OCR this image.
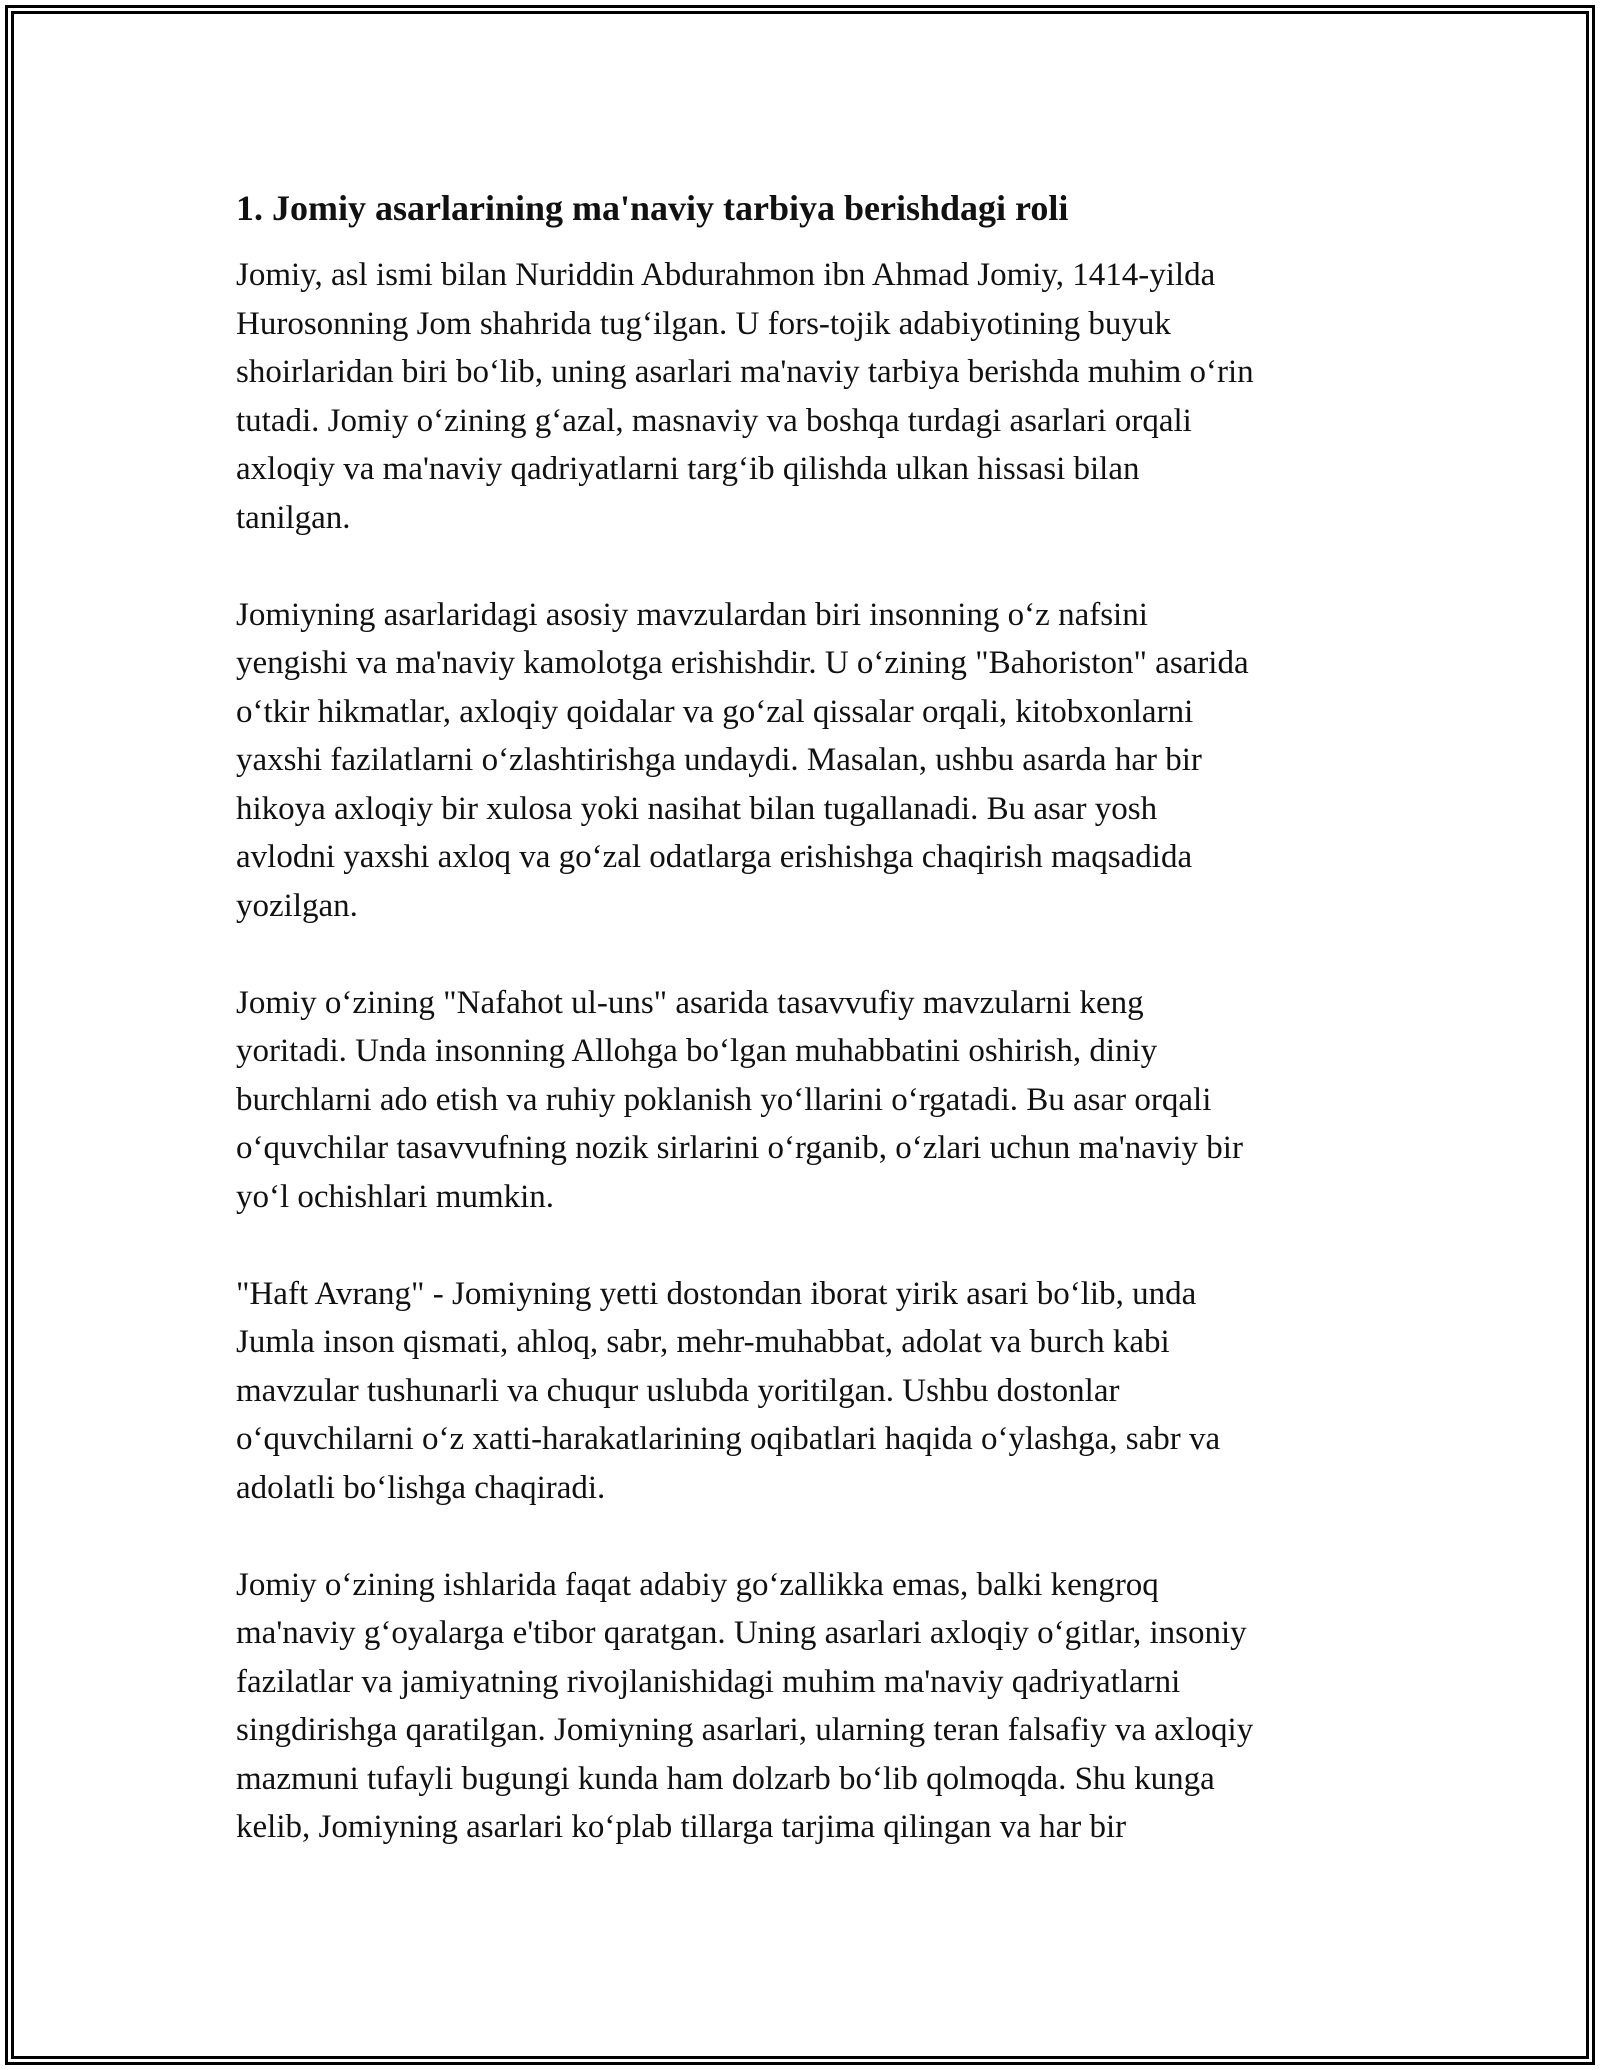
1. Jomiy asarlarining ma'naviy tarbiya berishdagi roli

Jomiy, asl ismi bilan Nuriddin Abdurahmon ibn Ahmad Jomiy, 1414-yilda
Hurosonning Jom shahrida tug‘ilgan. U fors-tojik adabiyotining buyuk
shoirlaridan biri bo‘lib, uning asarlari ma'naviy tarbiya berishda muhim o‘rin
tutadi. Jomiy o‘zining g‘azal, masnaviy va boshqa turdagi asarlari orqali
axloqiy va ma'naviy qadriyatlarni targ‘ib qilishda ulkan hissasi bilan
tanilgan.

Jomiyning asarlaridagi asosiy mavzulardan biri insonning o‘z nafsini
yengishi va ma'naviy kamolotga erishishdir. U o‘zining "Bahoriston" asarida
o‘tkir hikmatlar, axloqiy qoidalar va go‘zal qissalar orqali, kitobxonlarni
yaxshi fazilatlarni o‘zlashtirishga undaydi. Masalan, ushbu asarda har bir
hikoya axloqiy bir xulosa yoki nasihat bilan tugallanadi. Bu asar yosh
avlodni yaxshi axloq va go‘zal odatlarga erishishga chaqirish maqsadida
yozilgan.

Jomiy o‘zining "Nafahot ul-uns" asarida tasavvufiy mavzularni keng
yoritadi. Unda insonning Allohga bo‘lgan muhabbatini oshirish, diniy
burchlarni ado etish va ruhiy poklanish yo‘llarini o‘rgatadi. Bu asar orqali
o‘quvchilar tasavvufning nozik sirlarini o‘rganib, o‘zlari uchun ma'naviy bir
yo‘l ochishlari mumkin.

"Haft Avrang" - Jomiyning yetti dostondan iborat yirik asari bo‘lib, unda
Jumla inson qismati, ahloq, sabr, mehr-muhabbat, adolat va burch kabi
mavzular tushunarli va chuqur uslubda yoritilgan. Ushbu dostonlar
o‘quvchilarni o‘z xatti-harakatlarining oqibatlari haqida o‘ylashga, sabr va
adolatli bo‘lishga chaqiradi.

Jomiy o‘zining ishlarida faqat adabiy go‘zallikka emas, balki kengroq
ma'naviy g‘oyalarga e'tibor qaratgan. Uning asarlari axloqiy o‘gitlar, insoniy
fazilatlar va jamiyatning rivojlanishidagi muhim ma'naviy qadriyatlarni
singdirishga qaratilgan. Jomiyning asarlari, ularning teran falsafiy va axloqiy
mazmuni tufayli bugungi kunda ham dolzarb bo‘lib qolmoqda. Shu kunga
kelib, Jomiyning asarlari ko‘plab tillarga tarjima qilingan va har bir
